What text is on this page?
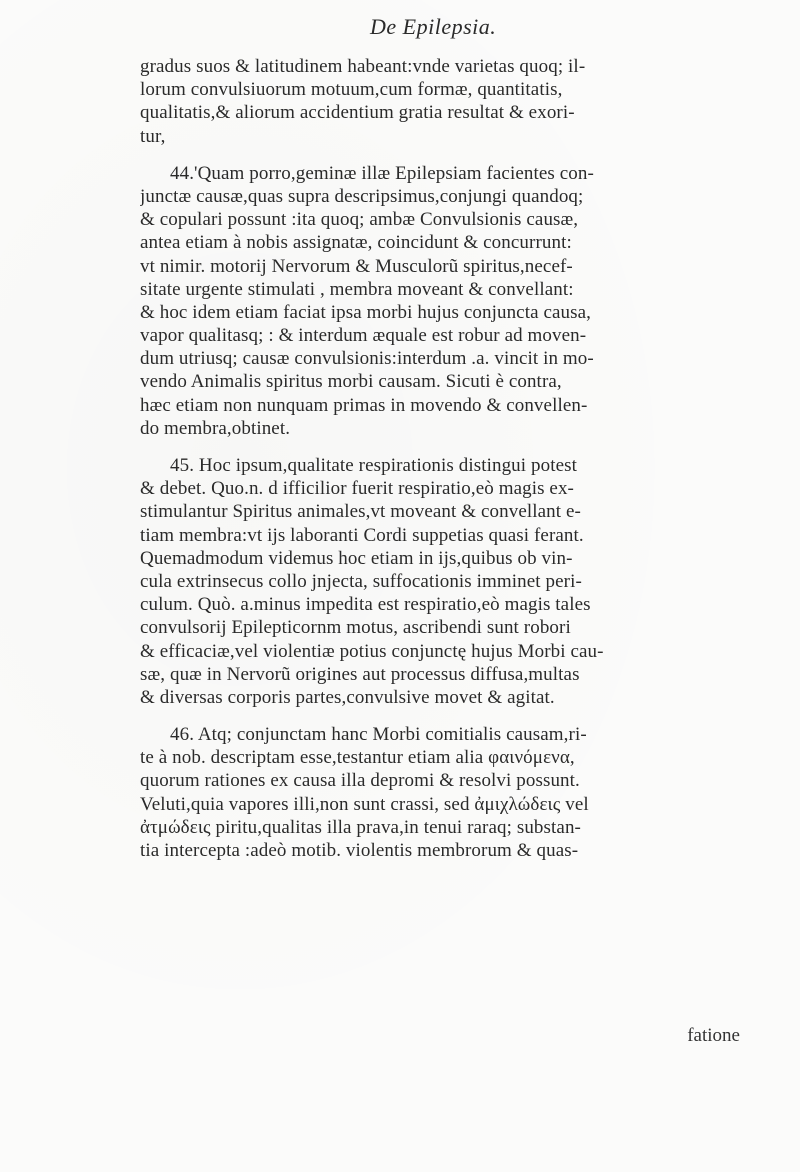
De Epilepsia.
gradus suos & latitudinem habeant:vnde varietas quoq; il-
lorum convulsiuorum motuum,cum formæ, quantitatis,
qualitatis,& aliorum accidentium gratia resultat & exori-
tur,
44.'Quam porro,geminæ illæ Epilepsiam facientes con-
junctæ causæ,quas supra descripsimus,conjungi quandoq;
& copulari possunt :ita quoq; ambæ Convulsionis causæ,
antea etiam à nobis assignatæ, coincidunt & concurrunt:
vt nimir. motorij Nervorum & Musculorũ spiritus,necef-
sitate urgente stimulati , membra moveant & convellant:
& hoc idem etiam faciat ipsa morbi hujus conjuncta causa,
vapor qualitasq; : & interdum æquale est robur ad moven-
dum utriusq; causæ convulsionis:interdum .a. vincit in mo-
vendo Animalis spiritus morbi causam. Sicuti è contra,
hæc etiam non nunquam primas in movendo & convellen-
do membra,obtinet.
45. Hoc ipsum,qualitate respirationis distingui potest
& debet. Quo.n. d ifficilior fuerit respiratio,eò magis ex-
stimulantur Spiritus animales,vt moveant & convellant e-
tiam membra:vt ijs laboranti Cordi suppetias quasi ferant.
Quemadmodum videmus hoc etiam in ijs,quibus ob vin-
cula extrinsecus collo jnjecta, suffocationis imminet peri-
culum. Quò. a.minus impedita est respiratio,eò magis tales
convulsorij Epilepticornm motus, ascribendi sunt robori
& efficaciæ,vel violentiæ potius conjunctę hujus Morbi cau-
sæ, quæ in Nervorũ origines aut processus diffusa,multas
& diversas corporis partes,convulsive movet & agitat.
46. Atq; conjunctam hanc Morbi comitialis causam,ri-
te à nob. descriptam esse,testantur etiam alia φαινόμενα,
quorum rationes ex causa illa depromi & resolvi possunt.
Veluti,quia vapores illi,non sunt crassi, sed ἀμιχλώδεις vel
ἀτμώδεις piritu,qualitas illa prava,in tenui raraq; substan-
tia intercepta :adeò motib. violentis membrorum & quas-
fatione
